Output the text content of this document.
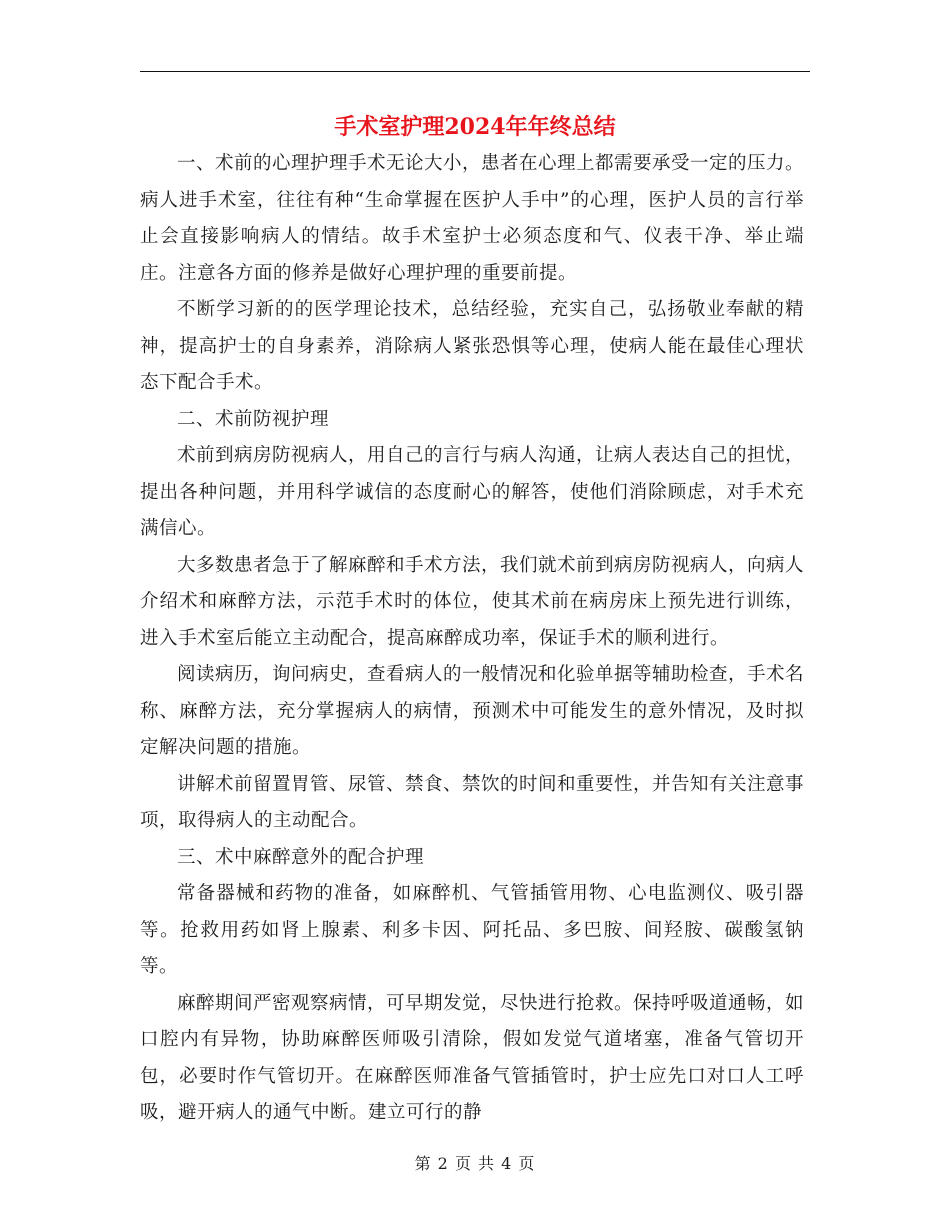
手术室护理2024年年终总结

一、术前的心理护理手术无论大小，患者在心理上都需要承受一定的压力。病人进手术室，往往有种“生命掌握在医护人手中”的心理，医护人员的言行举止会直接影响病人的情结。故手术室护士必须态度和气、仪表干净、举止端庄。注意各方面的修养是做好心理护理的重要前提。

不断学习新的的医学理论技术，总结经验，充实自己，弘扬敬业奉献的精神，提高护士的自身素养，消除病人紧张恐惧等心理，使病人能在最佳心理状态下配合手术。

二、术前防视护理

术前到病房防视病人，用自己的言行与病人沟通，让病人表达自己的担忧，提出各种问题，并用科学诚信的态度耐心的解答，使他们消除顾虑，对手术充满信心。

大多数患者急于了解麻醉和手术方法，我们就术前到病房防视病人，向病人介绍术和麻醉方法，示范手术时的体位，使其术前在病房床上预先进行训练，进入手术室后能立主动配合，提高麻醉成功率，保证手术的顺利进行。

阅读病历，询问病史，查看病人的一般情况和化验单据等辅助检查，手术名称、麻醉方法，充分掌握病人的病情，预测术中可能发生的意外情况，及时拟定解决问题的措施。

讲解术前留置胃管、尿管、禁食、禁饮的时间和重要性，并告知有关注意事项，取得病人的主动配合。

三、术中麻醉意外的配合护理

常备器械和药物的准备，如麻醉机、气管插管用物、心电监测仪、吸引器等。抢救用药如肾上腺素、利多卡因、阿托品、多巴胺、间羟胺、碳酸氢钠等。

麻醉期间严密观察病情，可早期发觉，尽快进行抢救。保持呼吸道通畅，如口腔内有异物，协助麻醉医师吸引清除，假如发觉气道堵塞，准备气管切开包，必要时作气管切开。在麻醉医师准备气管插管时，护士应先口对口人工呼吸，避开病人的通气中断。建立可行的静

第 2 页 共 4 页
